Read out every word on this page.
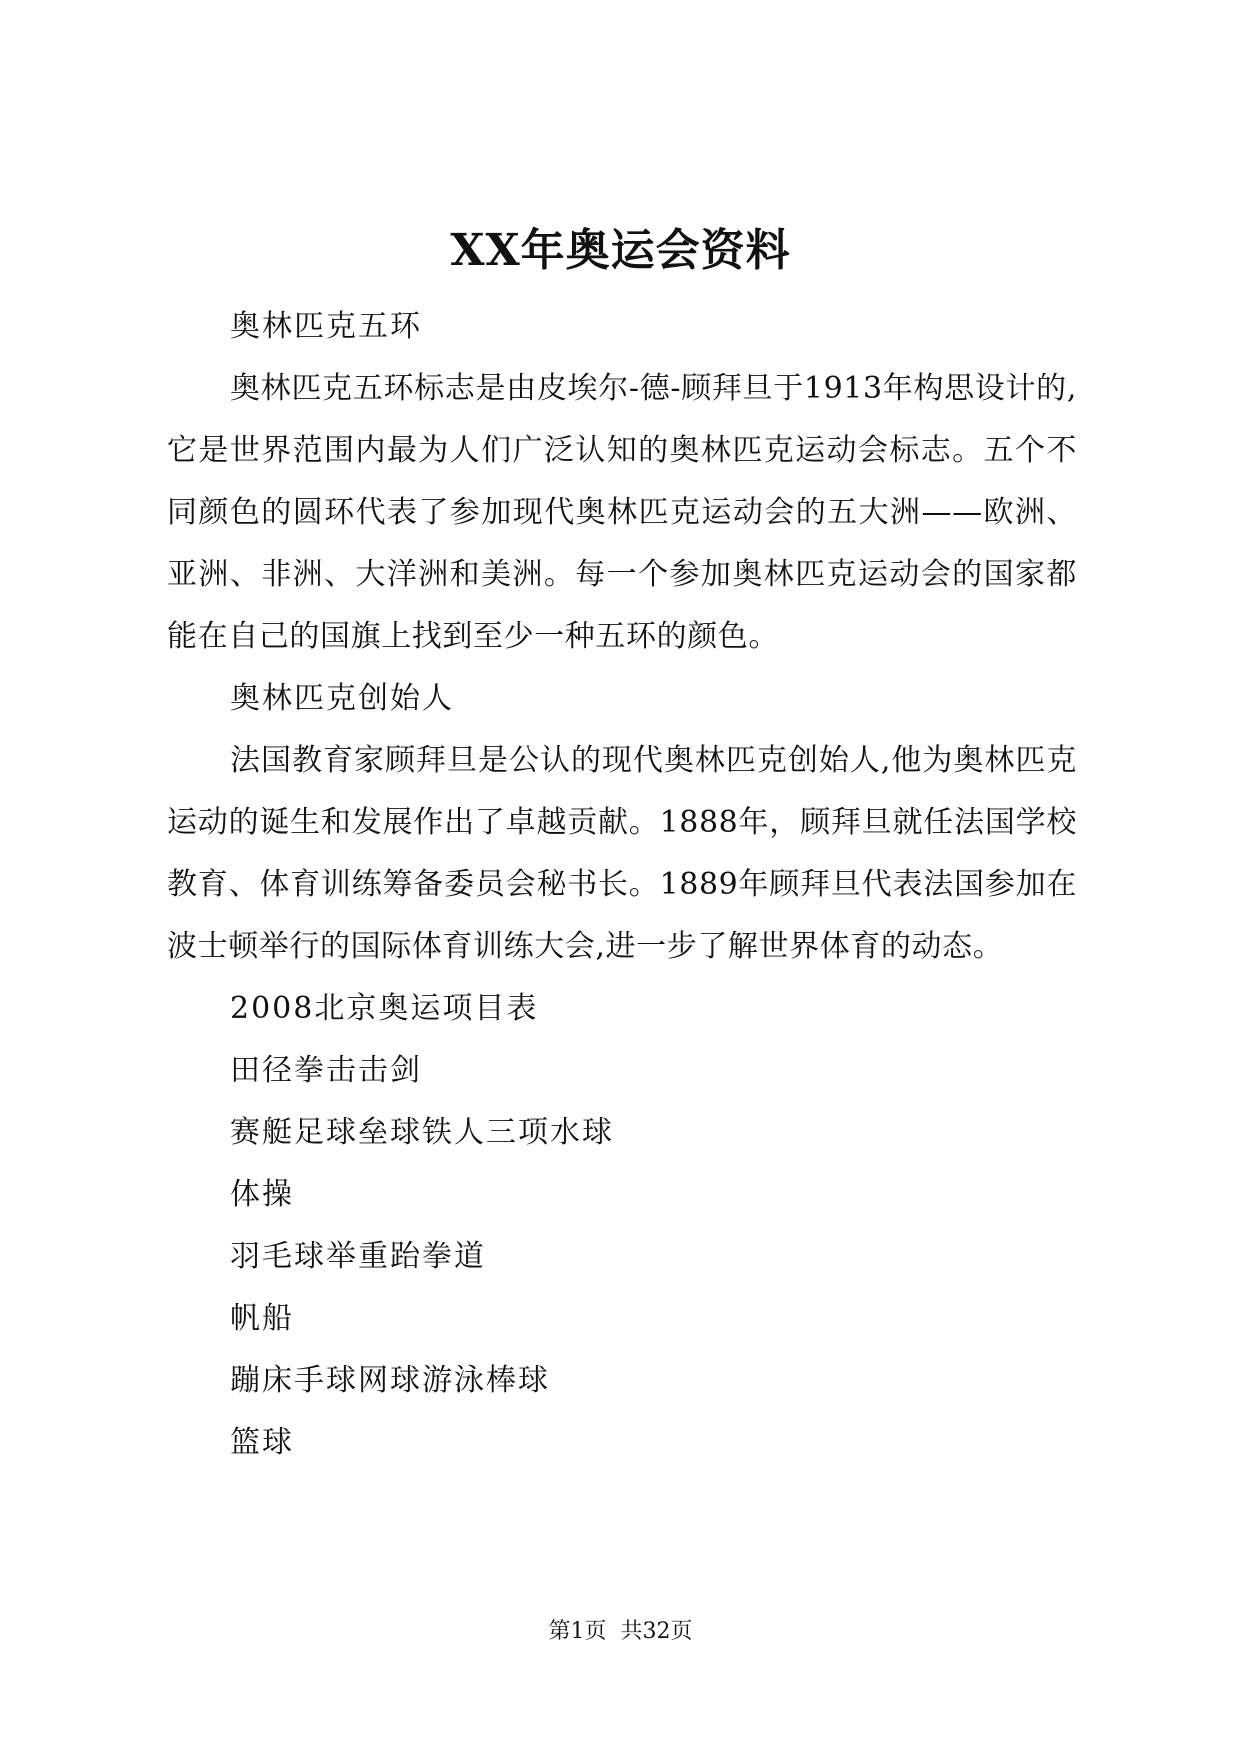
XX年奥运会资料

奥林匹克五环

奥林匹克五环标志是由皮埃尔-德-顾拜旦于1913年构思设计的,它是世界范围内最为人们广泛认知的奥林匹克运动会标志。五个不同颜色的圆环代表了参加现代奥林匹克运动会的五大洲——欧洲、亚洲、非洲、大洋洲和美洲。每一个参加奥林匹克运动会的国家都能在自己的国旗上找到至少一种五环的颜色。

奥林匹克创始人

法国教育家顾拜旦是公认的现代奥林匹克创始人,他为奥林匹克运动的诞生和发展作出了卓越贡献。1888年，顾拜旦就任法国学校教育、体育训练筹备委员会秘书长。1889年顾拜旦代表法国参加在波士顿举行的国际体育训练大会,进一步了解世界体育的动态。

2008北京奥运项目表

田径拳击击剑

赛艇足球垒球铁人三项水球

体操

羽毛球举重跆拳道

帆船

蹦床手球网球游泳棒球

篮球

第1页 共32页
